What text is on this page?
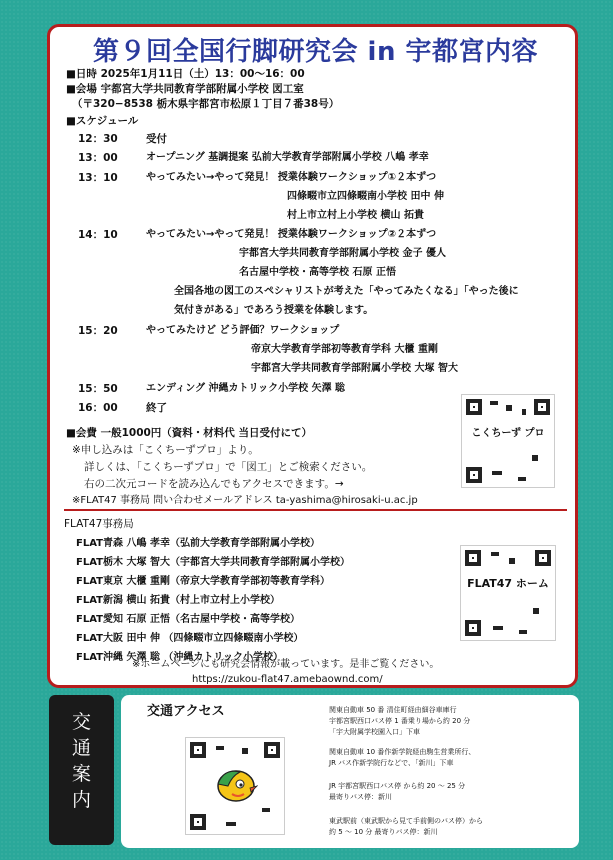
第９回全国行脚研究会 in 宇都宮内容
■日時 2025年1月11日（土）13：00〜16：00
■会場 宇都宮大学共同教育学部附属小学校 図工室
（〒320−8538 栃木県宇都宮市松原１丁目７番38号）
■スケジュール
12：30	受付
13：00	オープニング 基調提案 弘前大学教育学部附属小学校 八嶋 孝幸
13：10	やってみたい→やって発見！ 授業体験ワークショップ①２本ずつ
四條畷市立四條畷南小学校 田中 伸
村上市立村上小学校 横山 拓貴
14：10	やってみたい→やって発見！ 授業体験ワークショップ②２本ずつ
宇都宮大学共同教育学部附属小学校 金子 優人
名古屋中学校・高等学校 石原 正悟
全国各地の図工のスペシャリストが考えた「やってみたくなる」「やった後に
気付きがある」であろう授業を体験します。
15：20	やってみたけど どう評価？ワークショップ
帝京大学教育学部初等教育学科 大櫃 重剛
宇都宮大学共同教育学部附属小学校 大塚 智大
15：50	エンディング 沖縄カトリック小学校 矢澤 聡
16：00	終了
■会費 一般1000円（資料・材料代 当日受付にて）
※申し込みは「こくちーずプロ」より。
詳しくは、「こくちーずプロ」で「図工」とご検索ください。
右の二次元コードを読み込んでもアクセスできます。→
※FLAT47 事務局 問い合わせメールアドレス ta-yashima@hirosaki-u.ac.jp
こくちーず プロ
FLAT47事務局
FLAT青森 八嶋 孝幸（弘前大学教育学部附属小学校）
FLAT栃木 大塚 智大（宇都宮大学共同教育学部附属小学校）
FLAT東京 大櫃 重剛（帝京大学教育学部初等教育学科）
FLAT新潟 横山 拓貴（村上市立村上小学校）
FLAT愛知 石原 正悟（名古屋中学校・高等学校）
FLAT大阪 田中 伸 （四條畷市立四條畷南小学校）
FLAT沖縄 矢澤 聡 （沖縄カトリック小学校）
※ホームページにも研究会情報が載っています。是非ご覧ください。
https://zukou-flat47.amebaownd.com/
FLAT47 ホーム
交
通
案
内
交通アクセス	関東自動車 50 番 清住町経由細谷車庫行
宇都宮駅西口バス停 1 番乗り場から約 20 分
「宇大附属学校園入口」下車
関東自動車 10 番作新学院経由駒生営業所行、
JR バス作新学院行などで、「新川」下車
JR 宇都宮駅西口バス停 から約 20 〜 25 分
最寄りバス停：新川
東武駅前（東武駅から見て手前側のバス停）から
約 5 〜 10 分 最寄りバス停：新川
